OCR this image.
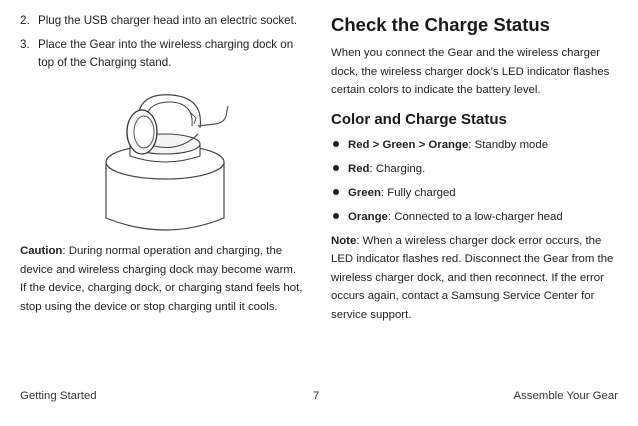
2. Plug the USB charger head into an electric socket.
3. Place the Gear into the wireless charging dock on top of the Charging stand.
Caution: During normal operation and charging, the device and wireless charging dock may become warm. If the device, charging dock, or charging stand feels hot, stop using the device or stop charging until it cools.
Check the Charge Status

When you connect the Gear and the wireless charger dock, the wireless charger dock’s LED indicator flashes certain colors to indicate the battery level.

Color and Charge Status
Red > Green > Orange: Standby mode
Red: Charging.
Green: Fully charged
Orange: Connected to a low-charger head

Note: When a wireless charger dock error occurs, the LED indicator flashes red. Disconnect the Gear from the wireless charger dock, and then reconnect. If the error occurs again, contact a Samsung Service Center for service support.

Getting Started	7	Assemble Your Gear
